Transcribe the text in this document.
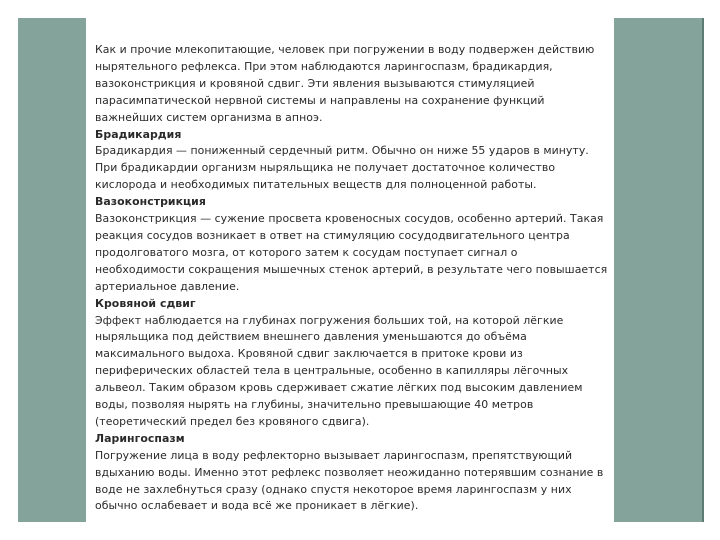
Как и прочие млекопитающие, человек при погружении в воду подвержен действию нырятельного рефлекса. При этом наблюдаются ларингоспазм, брадикардия, вазоконстрикция и кровяной сдвиг. Эти явления вызываются стимуляцией парасимпатической нервной системы и направлены на сохранение функций важнейших систем организма в апноэ.

Брадикардия

Брадикардия — пониженный сердечный ритм. Обычно он ниже 55 ударов в минуту. При брадикардии организм ныряльщика не получает достаточное количество кислорода и необходимых питательных веществ для полноценной работы.

Вазоконстрикция

Вазоконстрикция — сужение просвета кровеносных сосудов, особенно артерий. Такая реакция сосудов возникает в ответ на стимуляцию сосудодвигательного центра продолговатого мозга, от которого затем к сосудам поступает сигнал о необходимости сокращения мышечных стенок артерий, в результате чего повышается артериальное давление.

Кровяной сдвиг

Эффект наблюдается на глубинах погружения больших той, на которой лёгкие ныряльщика под действием внешнего давления уменьшаются до объёма максимального выдоха. Кровяной сдвиг заключается в притоке крови из периферических областей тела в центральные, особенно в капилляры лёгочных альвеол. Таким образом кровь сдерживает сжатие лёгких под высоким давлением воды, позволяя нырять на глубины, значительно превышающие 40 метров (теоретический предел без кровяного сдвига).

Ларингоспазм

Погружение лица в воду рефлекторно вызывает ларингоспазм, препятствующий вдыханию воды. Именно этот рефлекс позволяет неожиданно потерявшим сознание в воде не захлебнуться сразу (однако спустя некоторое время ларингоспазм у них обычно ослабевает и вода всё же проникает в лёгкие).
